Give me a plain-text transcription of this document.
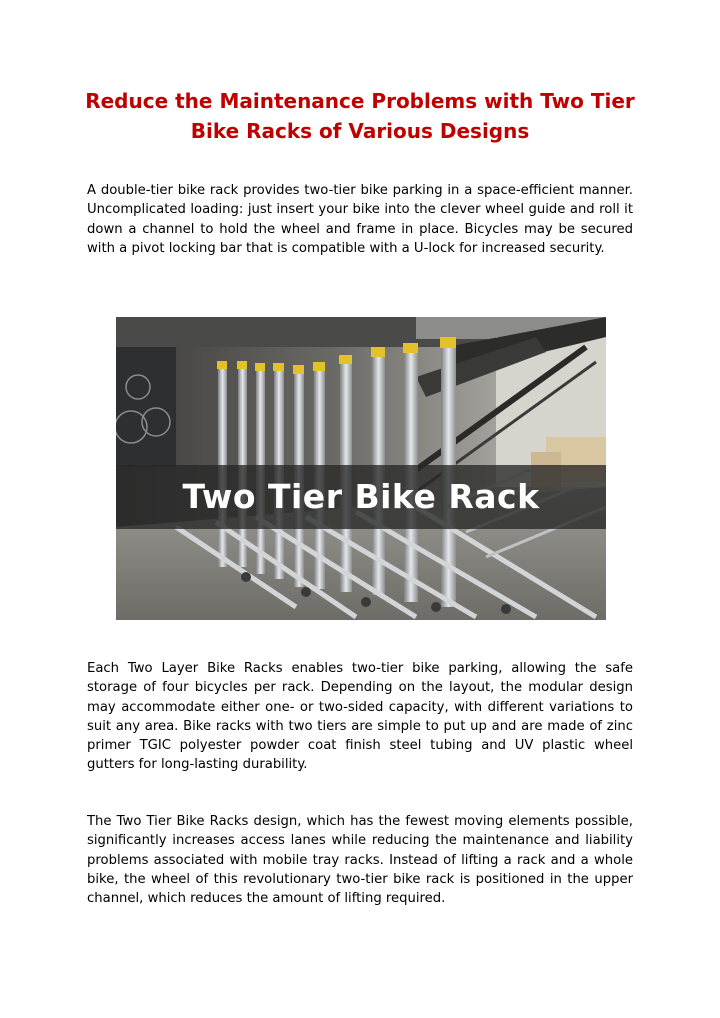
Reduce the Maintenance Problems with Two Tier Bike Racks of Various Designs
A double-tier bike rack provides two-tier bike parking in a space-efficient manner. Uncomplicated loading: just insert your bike into the clever wheel guide and roll it down a channel to hold the wheel and frame in place. Bicycles may be secured with a pivot locking bar that is compatible with a U-lock for increased security.
Two Tier Bike Rack
Each Two Layer Bike Racks enables two-tier bike parking, allowing the safe storage of four bicycles per rack. Depending on the layout, the modular design may accommodate either one- or two-sided capacity, with different variations to suit any area. Bike racks with two tiers are simple to put up and are made of zinc primer TGIC polyester powder coat finish steel tubing and UV plastic wheel gutters for long-lasting durability.
The Two Tier Bike Racks design, which has the fewest moving elements possible, significantly increases access lanes while reducing the maintenance and liability problems associated with mobile tray racks. Instead of lifting a rack and a whole bike, the wheel of this revolutionary two-tier bike rack is positioned in the upper channel, which reduces the amount of lifting required.
